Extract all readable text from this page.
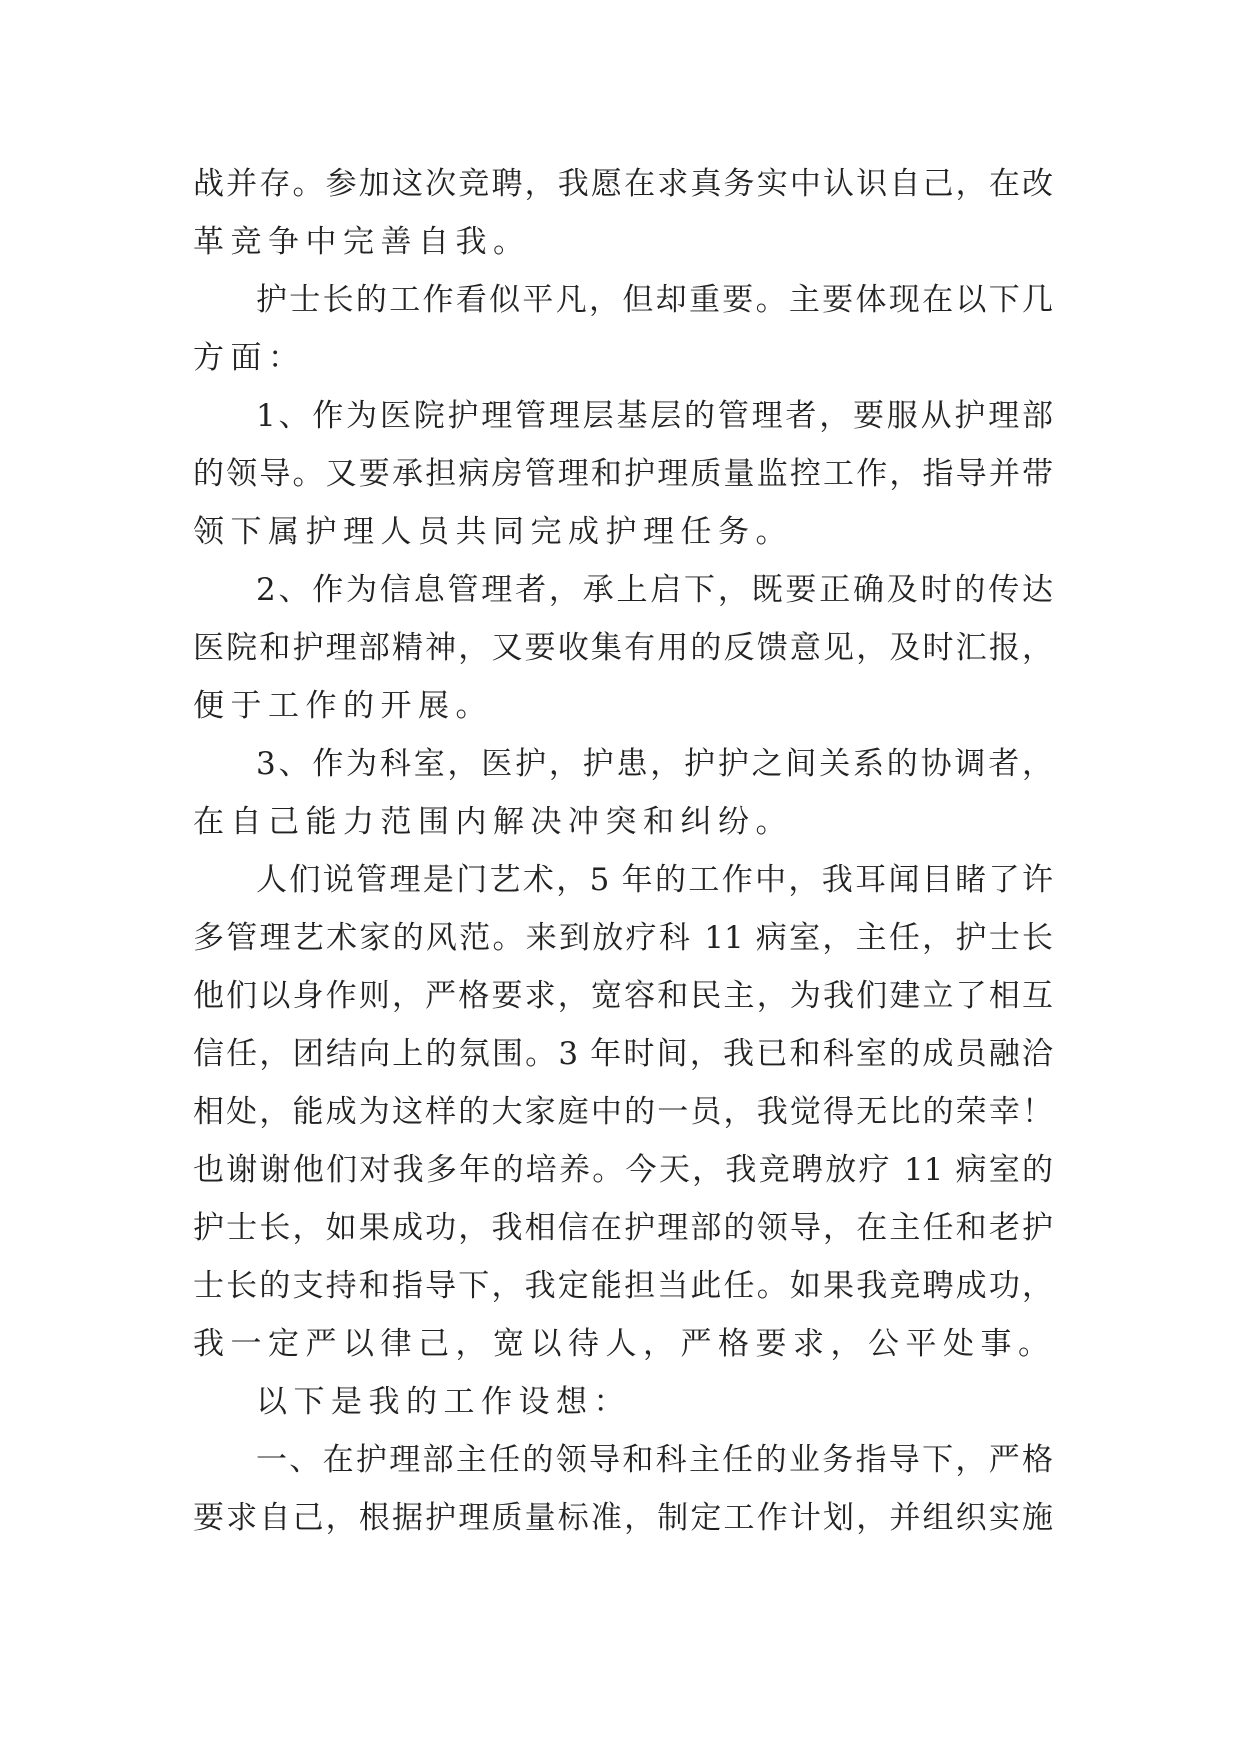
战并存。参加这次竞聘，我愿在求真务实中认识自己，在改
革竞争中完善自我。
护士长的工作看似平凡，但却重要。主要体现在以下几
方面：
1、作为医院护理管理层基层的管理者，要服从护理部
的领导。又要承担病房管理和护理质量监控工作，指导并带
领下属护理人员共同完成护理任务。
2、作为信息管理者，承上启下，既要正确及时的传达
医院和护理部精神，又要收集有用的反馈意见，及时汇报，
便于工作的开展。
3、作为科室，医护，护患，护护之间关系的协调者，
在自己能力范围内解决冲突和纠纷。
人们说管理是门艺术，5 年的工作中，我耳闻目睹了许
多管理艺术家的风范。来到放疗科 11 病室，主任，护士长
他们以身作则，严格要求，宽容和民主，为我们建立了相互
信任，团结向上的氛围。3 年时间，我已和科室的成员融洽
相处，能成为这样的大家庭中的一员，我觉得无比的荣幸！
也谢谢他们对我多年的培养。今天，我竞聘放疗 11 病室的
护士长，如果成功，我相信在护理部的领导，在主任和老护
士长的支持和指导下，我定能担当此任。如果我竞聘成功，
我一定严以律己，宽以待人，严格要求，公平处事。
以下是我的工作设想：
一、在护理部主任的领导和科主任的业务指导下，严格
要求自己，根据护理质量标准，制定工作计划，并组织实施
